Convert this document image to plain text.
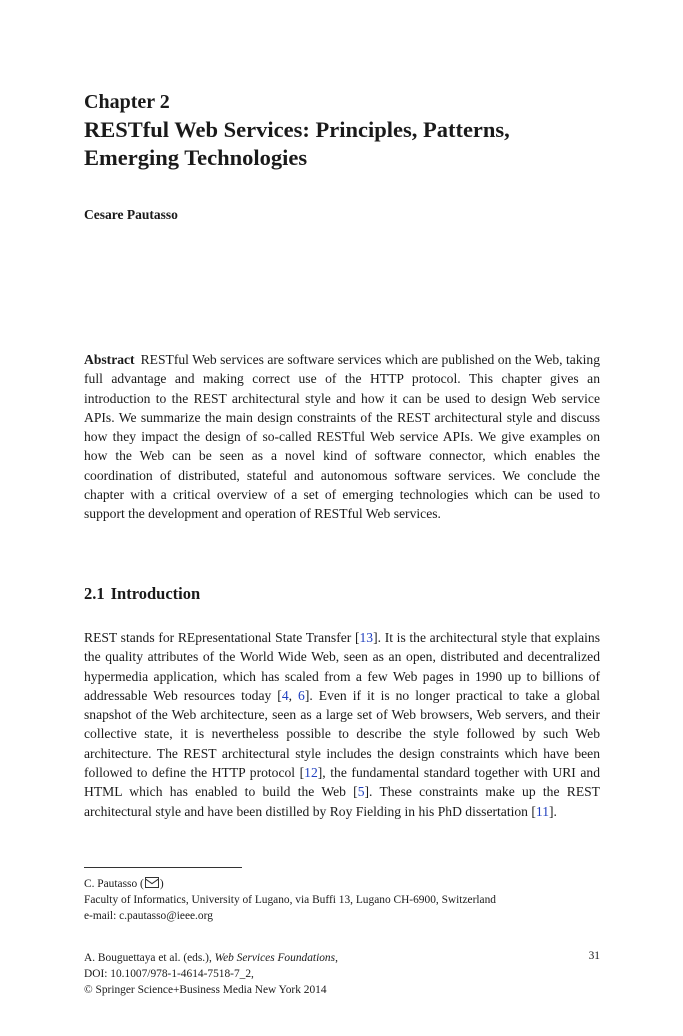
Chapter 2
RESTful Web Services: Principles, Patterns, Emerging Technologies
Cesare Pautasso
Abstract RESTful Web services are software services which are published on the Web, taking full advantage and making correct use of the HTTP protocol. This chapter gives an introduction to the REST architectural style and how it can be used to design Web service APIs. We summarize the main design constraints of the REST architectural style and discuss how they impact the design of so-called RESTful Web service APIs. We give examples on how the Web can be seen as a novel kind of software connector, which enables the coordination of distributed, stateful and autonomous software services. We conclude the chapter with a critical overview of a set of emerging technologies which can be used to support the development and operation of RESTful Web services.
2.1 Introduction
REST stands for REpresentational State Transfer [13]. It is the architectural style that explains the quality attributes of the World Wide Web, seen as an open, distributed and decentralized hypermedia application, which has scaled from a few Web pages in 1990 up to billions of addressable Web resources today [4, 6]. Even if it is no longer practical to take a global snapshot of the Web architecture, seen as a large set of Web browsers, Web servers, and their collective state, it is nevertheless possible to describe the style followed by such Web architecture. The REST architectural style includes the design constraints which have been followed to define the HTTP protocol [12], the fundamental standard together with URI and HTML which has enabled to build the Web [5]. These constraints make up the REST architectural style and have been distilled by Roy Fielding in his PhD dissertation [11].
C. Pautasso ( )
Faculty of Informatics, University of Lugano, via Buffi 13, Lugano CH-6900, Switzerland
e-mail: c.pautasso@ieee.org
A. Bouguettaya et al. (eds.), Web Services Foundations,
DOI: 10.1007/978-1-4614-7518-7_2,
© Springer Science+Business Media New York 2014
31
